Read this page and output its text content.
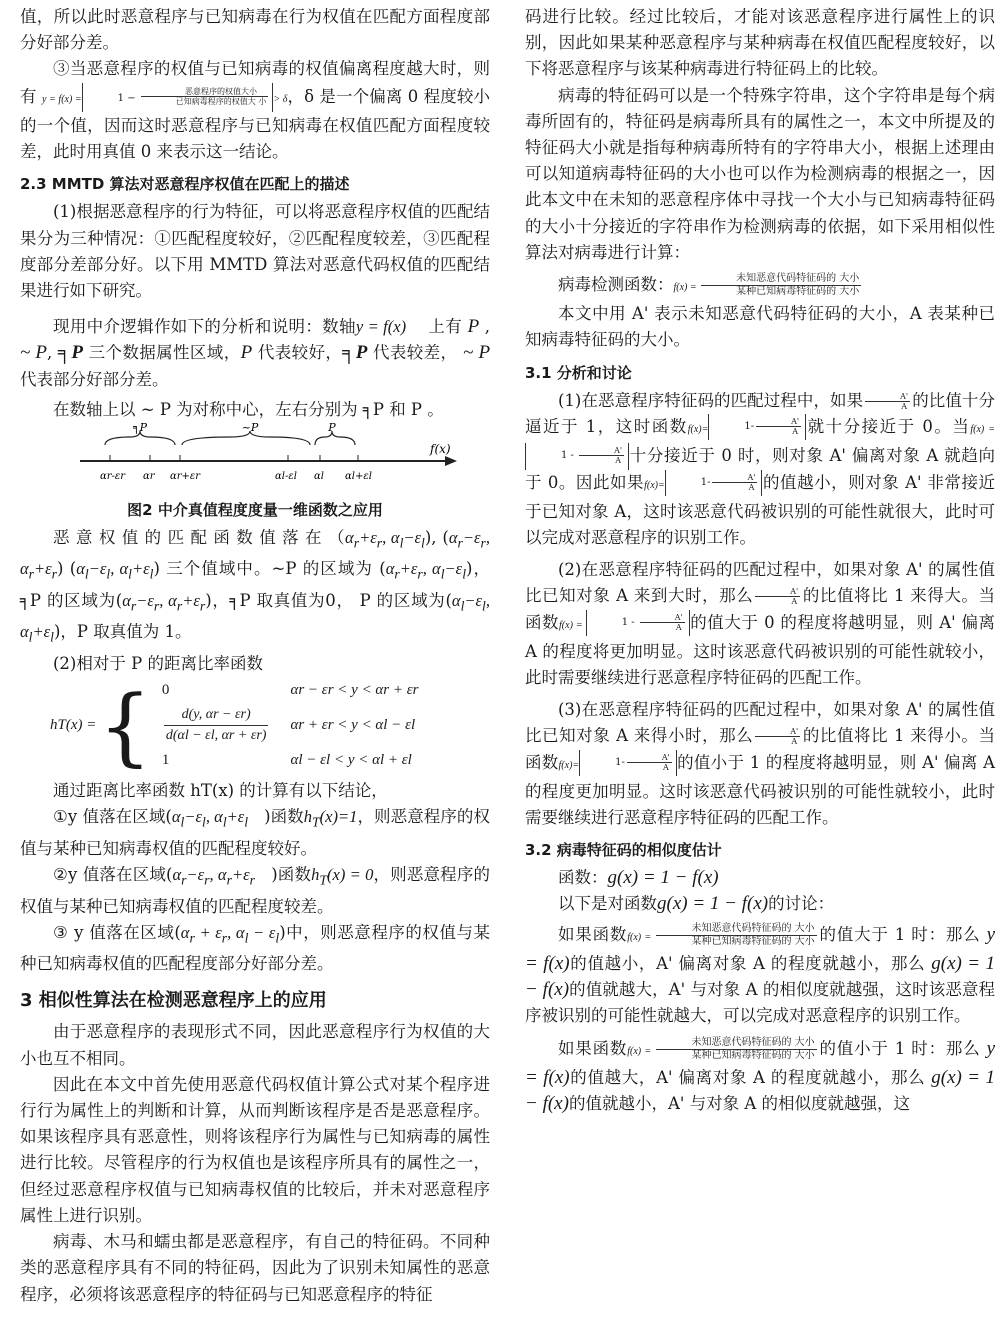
值，所以此时恶意程序与已知病毒在行为权值在匹配方面程度部分好部分差。

③当恶意程序的权值与已知病毒的权值偏离程度越大时，则有 y = f(x) =	$1 - \frac{\text{恶意程序的权值大小}}{\text{已知病毒程序的权值大 小}} > \delta$，δ 是一个偏离 0 程度较小的一个值，因而这时恶意程序与已知病毒在权值匹配方面程度较差，此时用真值 0 来表示这一结论。

2.3 MMTD 算法对恶意程序权值在匹配上的描述

(1)根据恶意程序的行为特征，可以将恶意程序权值的匹配结果分为三种情况：①匹配程度较好，②匹配程度较差，③匹配程度部分差部分好。以下用 MMTD 算法对恶意代码权值的匹配结果进行如下研究。

现用中介逻辑作如下的分析和说明：数轴y = f(x) 上有 P , ~ P, ╕P 三个数据属性区域，P 代表较好，╕P 代表较差， ~ P 代表部分好部分差。

在数轴上以 ~ P 为对称中心，左右分别为 ╕P 和 P 。

╕P	~P	P
f(x)
αr-εr αr αr+εr	αl-εl αl αl+εl
图2 中介真值程度度量一维函数之应用

恶 意 权 值 的 匹 配 函 数 值 落 在 （$\alpha_r+\varepsilon_r$, $\alpha_l-\varepsilon_l$), ($\alpha_r-\varepsilon_r$, $\alpha_r+\varepsilon_r$) ($\alpha_l-\varepsilon_l$, $\alpha_l+\varepsilon_l$) 三个值域中。~P 的区域为 ($\alpha_r+\varepsilon_r$, $\alpha_l-\varepsilon_l$)，╕P 的区域为($\alpha_r-\varepsilon_r$, $\alpha_r+\varepsilon_r$)，╕P 取真值为0， P 的区域为($\alpha_l-\varepsilon_l$, $\alpha_l+\varepsilon_l$)，P 取真值为 1。

(2)相对于 P 的距离比率函数

hT(x) =	{	0	αr − εr < y < αr + εr

		$\frac{d(y, \alpha r - \varepsilon r)}{d(\alpha l - \varepsilon l, \alpha r + \varepsilon r)}$	αr + εr < y < αl − εl
		1	αl − εl < y < αl + εl

通过距离比率函数 hT(x) 的计算有以下结论，

①y 值落在区域($\alpha_l-\varepsilon_l$, $\alpha_l+\varepsilon_l$ )函数$h_T(x)=1$，则恶意程序的权值与某种已知病毒权值的匹配程度较好。

②y 值落在区域($\alpha_r-\varepsilon_r$, $\alpha_r+\varepsilon_r$ )函数$h_T(x) = 0$，则恶意程序的权值与某种已知病毒权值的匹配程度较差。

③ y 值落在区域($\alpha_r + \varepsilon_r$, $\alpha_l - \varepsilon_l$)中，则恶意程序的权值与某种已知病毒权值的匹配程度部分好部分差。

3 相似性算法在检测恶意程序上的应用

由于恶意程序的表现形式不同，因此恶意程序行为权值的大小也互不相同。

因此在本文中首先使用恶意代码权值计算公式对某个程序进行行为属性上的判断和计算，从而判断该程序是否是恶意程序。如果该程序具有恶意性，则将该程序行为属性与已知病毒的属性进行比较。尽管程序的行为权值也是该程序所具有的属性之一，但经过恶意程序权值与已知病毒权值的比较后，并未对恶意程序属性上进行识别。

病毒、木马和蠕虫都是恶意程序，有自己的特征码。不同种类的恶意程序具有不同的特征码，因此为了识别未知属性的恶意程序，必须将该恶意程序的特征码与已知恶意程序的特征

码进行比较。经过比较后，才能对该恶意程序进行属性上的识别，因此如果某种恶意程序与某种病毒在权值匹配程度较好，以下将恶意程序与该某种病毒进行特征码上的比较。

病毒的特征码可以是一个特殊字符串，这个字符串是每个病毒所固有的，特征码是病毒所具有的属性之一，本文中所提及的特征码大小就是指每种病毒所特有的字符串大小，根据上述理由可以知道病毒特征码的大小也可以作为检测病毒的根据之一，因此本文中在未知的恶意程序体中寻找一个大小与已知病毒特征码的大小十分接近的字符串作为检测病毒的依据，如下采用相似性算法对病毒进行计算：

病毒检测函数：$f(x) = \frac{\text{未知恶意代码特征码的 大小}}{\text{某种已知病毒特征码的 大小}}$

本文中用 A' 表示未知恶意代码特征码的大小，A 表某种已知病毒特征码的大小。

3.1 分析和讨论

(1)在恶意程序特征码的匹配过程中，如果 $\frac{A'}{A}$ 的比值十分逼近于 1，这时函数f(x)=	$1- \frac{A'}{A}$ 就十分接近于 0。当$f(x) =1 - \frac{A'}{A}$ 十分接近于 0 时，则对象 A' 偏离对象 A 就趋向于 0。因此如果f(x)=	$1- \frac{A'}{A}$ 的值越小，则对象 A' 非常接近于已知对象 A，这时该恶意代码被识别的可能性就很大，此时可以完成对恶意程序的识别工作。

(2)在恶意程序特征码的匹配过程中，如果对象 A' 的属性值比已知对象 A 来到大时，那么 $\frac{A'}{A}$ 的比值将比 1 来得大。当函数f(x) =	$1 - \frac{A'}{A}$ 的值大于 0 的程度将越明显，则 A' 偏离 A 的程度将更加明显。这时该恶意代码被识别的可能性就较小，此时需要继续进行恶意程序特征码的匹配工作。

(3)在恶意程序特征码的匹配过程中，如果对象 A' 的属性值比已知对象 A 来得小时，那么 $\frac{A'}{A}$ 的比值将比 1 来得小。当函数f(x)=	$1- \frac{A'}{A}$ 的值小于 1 的程度将越明显，则 A' 偏离 A 的程度更加明显。这时该恶意代码被识别的可能性就较小，此时需要继续进行恶意程序特征码的匹配工作。

3.2 病毒特征码的相似度估计

函数：g(x) = 1 − f(x)

以下是对函数g(x) = 1 − f(x)的讨论：

如果函数$f(x) = \frac{\text{未知恶意代码特征码的 大小}}{\text{某种已知病毒特征码的 大小}}$ 的值大于 1 时：那么 y = f(x)的值越小，A' 偏离对象 A 的程度就越小，那么 g(x) = 1 − f(x)的值就越大，A' 与对象 A 的相似度就越强，这时该恶意程序被识别的可能性就越大，可以完成对恶意程序的识别工作。

如果函数$f(x) = \frac{\text{未知恶意代码特征码的 大小}}{\text{某种已知病毒特征码的 大小}}$ 的值小于 1 时：那么 y = f(x)的值越大，A' 偏离对象 A 的程度就越小，那么 g(x) = 1 − f(x)的值就越小，A' 与对象 A 的相似度就越强，这
